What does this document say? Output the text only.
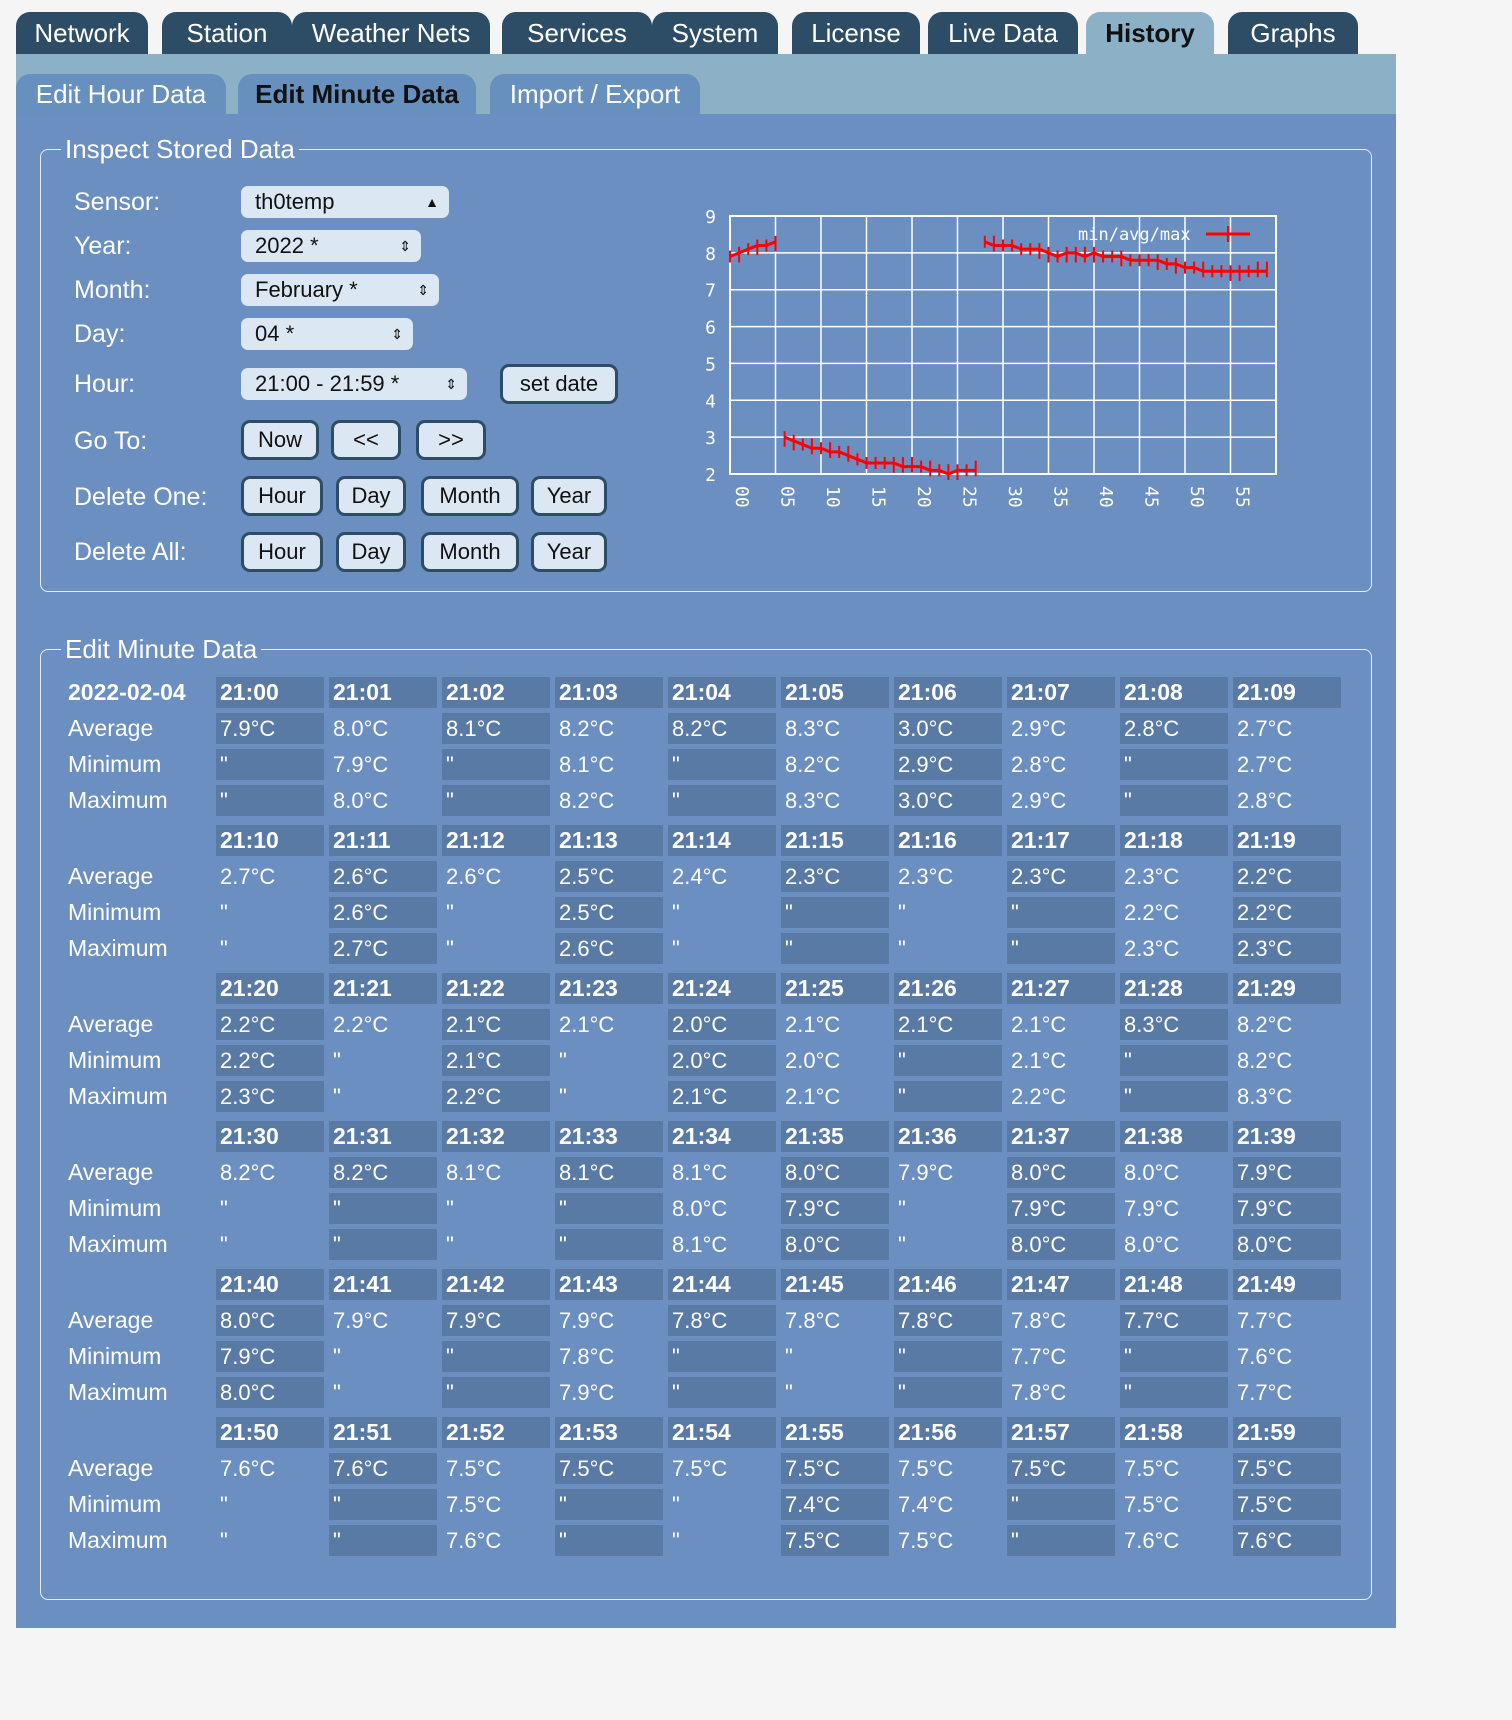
Inspect Stored Data
Sensor:	th0temp	▲

Year:	2022 *	⇕
Month:	February *	⇕
Day:	04 *	⇕
Hour:	21:00 - 21:59 *	⇕	set date
Go To:	Now	<<	>>
Delete One:	Hour	Day	Month	Year
Delete All:	Hour	Day	Month	Year
2
3
4
5
6
7
8
9
00 05 10 15 20 25 30 35 40 45 50 55
min/avg/max
Edit Minute Data
2022-02-04 21:00	21:01	21:02	21:03	21:04	21:05	21:06	21:07	21:08	21:09
Average	7.9°C	8.0°C	8.1°C	8.2°C	8.2°C	8.3°C	3.0°C	2.9°C	2.8°C	2.7°C
Minimum	"	7.9°C	"	8.1°C	"	8.2°C	2.9°C	2.8°C	"	2.7°C
Maximum "	8.0°C	"	8.2°C	"	8.3°C	3.0°C	2.9°C	"	2.8°C
21:10	21:11	21:12	21:13	21:14	21:15	21:16	21:17	21:18	21:19
Average	2.7°C	2.6°C	2.6°C	2.5°C	2.4°C	2.3°C	2.3°C	2.3°C	2.3°C	2.2°C
Minimum	"	2.6°C	"	2.5°C	"	"	"	"	2.2°C	2.2°C
Maximum "	2.7°C	"	2.6°C	"	"	"	"	2.3°C	2.3°C
21:20	21:21	21:22	21:23	21:24	21:25	21:26	21:27	21:28	21:29
Average	2.2°C	2.2°C	2.1°C	2.1°C	2.0°C	2.1°C	2.1°C	2.1°C	8.3°C	8.2°C
Minimum	2.2°C	"	2.1°C	"	2.0°C	2.0°C	"	2.1°C	"	8.2°C
Maximum 2.3°C	"	2.2°C	"	2.1°C	2.1°C	"	2.2°C	"	8.3°C
21:30	21:31	21:32	21:33	21:34	21:35	21:36	21:37	21:38	21:39
Average	8.2°C	8.2°C	8.1°C	8.1°C	8.1°C	8.0°C	7.9°C	8.0°C	8.0°C	7.9°C
Minimum	"	"	"	"	8.0°C	7.9°C	"	7.9°C	7.9°C	7.9°C
Maximum "	"	"	"	8.1°C	8.0°C	"	8.0°C	8.0°C	8.0°C
21:40	21:41	21:42	21:43	21:44	21:45	21:46	21:47	21:48	21:49
Average	8.0°C	7.9°C	7.9°C	7.9°C	7.8°C	7.8°C	7.8°C	7.8°C	7.7°C	7.7°C
Minimum	7.9°C	"	"	7.8°C	"	"	"	7.7°C	"	7.6°C
Maximum 8.0°C	"	"	7.9°C	"	"	"	7.8°C	"	7.7°C
21:50	21:51	21:52	21:53	21:54	21:55	21:56	21:57	21:58	21:59
Average	7.6°C	7.6°C	7.5°C	7.5°C	7.5°C	7.5°C	7.5°C	7.5°C	7.5°C	7.5°C
Minimum	"	"	7.5°C	"	"	7.4°C	7.4°C	"	7.5°C	7.5°C
Maximum "	"	7.6°C	"	"	7.5°C	7.5°C	"	7.6°C	7.6°C
Network	Station	Weather Nets	Services	System	License	Live Data	History	Graphs
Edit Hour Data	Edit Minute Data	Import / Export
